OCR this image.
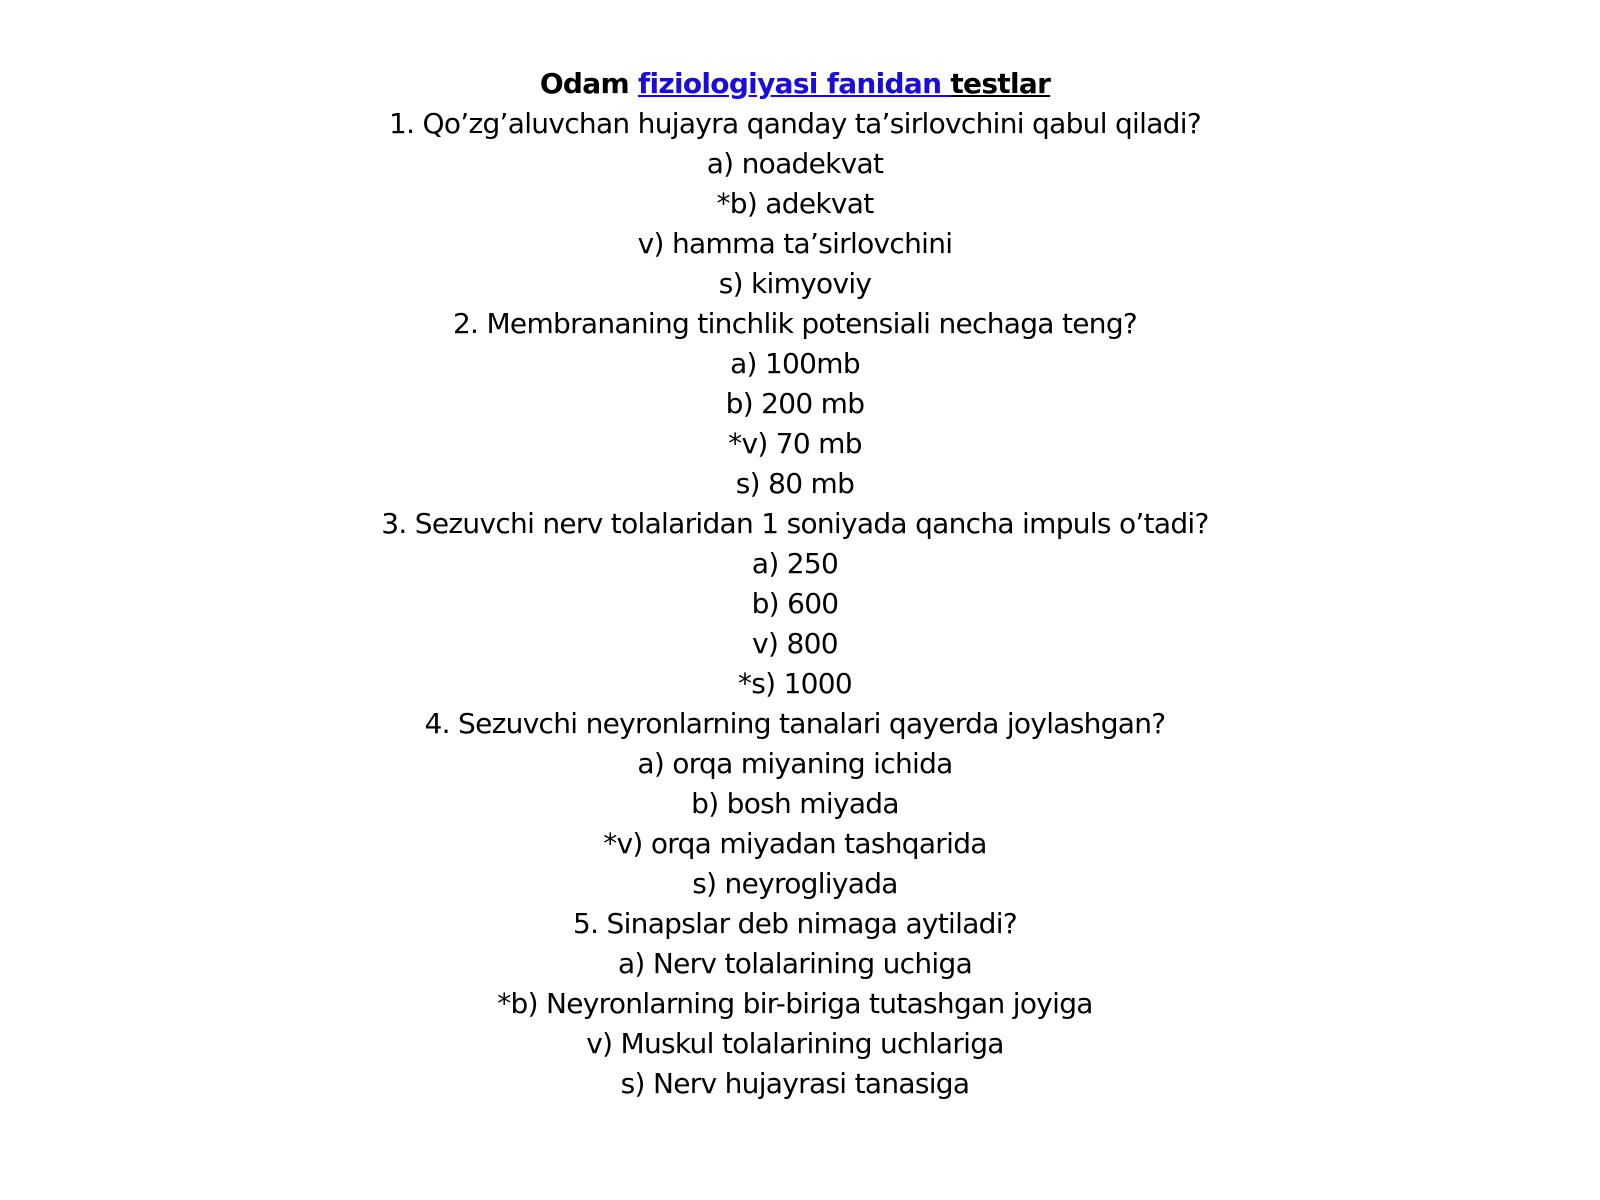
Odam fiziologiyasi fanidan testlar
1. Qo’zg’aluvchan hujayra qanday ta’sirlovchini qabul qiladi?
a) noadekvat
*b) adekvat
v) hamma ta’sirlovchini
s) kimyoviy
2. Membrananing tinchlik potensiali nechaga teng?
a) 100mb
b) 200 mb
*v) 70 mb
s) 80 mb
3. Sezuvchi nerv tolalaridan 1 soniyada qancha impuls o’tadi?
a) 250
b) 600
v) 800
*s) 1000
4. Sezuvchi neyronlarning tanalari qayerda joylashgan?
a) orqa miyaning ichida
b) bosh miyada
*v) orqa miyadan tashqarida
s) neyrogliyada
5. Sinapslar deb nimaga aytiladi?
a) Nerv tolalarining uchiga
*b) Neyronlarning bir-biriga tutashgan joyiga
v) Muskul tolalarining uchlariga
s) Nerv hujayrasi tanasiga
